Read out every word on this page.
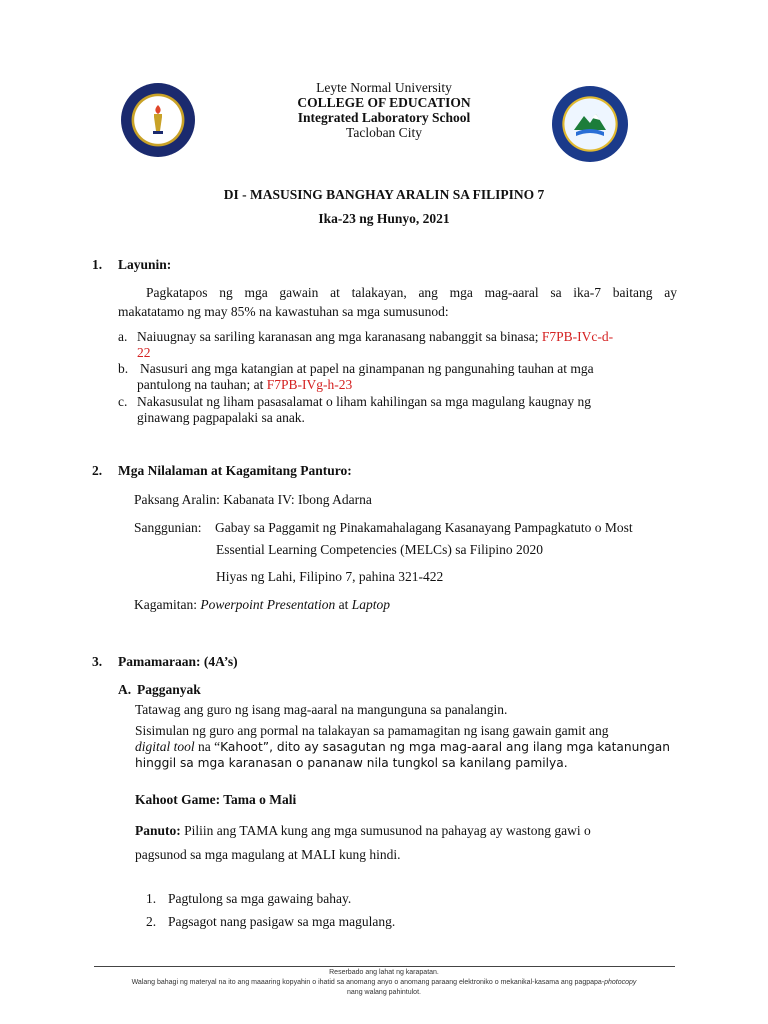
Leyte Normal University
COLLEGE OF EDUCATION
Integrated Laboratory School
Tacloban City
DI - MASUSING BANGHAY ARALIN SA FILIPINO 7
Ika-23 ng Hunyo, 2021
1. Layunin:
Pagkatapos ng mga gawain at talakayan, ang mga mag-aaral sa ika-7 baitang ay
makatatamo ng may 85% na kawastuhan sa mga sumusunod:
a. Naiuugnay sa sariling karanasan ang mga karanasang nabanggit sa binasa; F7PB-IVc-d-
22
b. Nasusuri ang mga katangian at papel na ginampanan ng pangunahing tauhan at mga
pantulong na tauhan; at F7PB-IVg-h-23
c. Nakasusulat ng liham pasasalamat o liham kahilingan sa mga magulang kaugnay ng
ginawang pagpapalaki sa anak.
2. Mga Nilalaman at Kagamitang Panturo:
Paksang Aralin: Kabanata IV: Ibong Adarna
Sanggunian: Gabay sa Paggamit ng Pinakamahalagang Kasanayang Pampagkatuto o Most
Essential Learning Competencies (MELCs) sa Filipino 2020
Hiyas ng Lahi, Filipino 7, pahina 321-422
Kagamitan: Powerpoint Presentation at Laptop
3. Pamamaraan: (4A’s)
A. Pagganyak
Tatawag ang guro ng isang mag-aaral na mangunguna sa panalangin.
Sisimulan ng guro ang pormal na talakayan sa pamamagitan ng isang gawain gamit ang
digital tool na “Kahoot”, dito ay sasagutan ng mga mag-aaral ang ilang mga katanungan
hinggil sa mga karanasan o pananaw nila tungkol sa kanilang pamilya.
Kahoot Game: Tama o Mali
Panuto: Piliin ang TAMA kung ang mga sumusunod na pahayag ay wastong gawi o
pagsunod sa mga magulang at MALI kung hindi.
1. Pagtulong sa mga gawaing bahay.
2. Pagsagot nang pasigaw sa mga magulang.
Reserbado ang lahat ng karapatan.
Walang bahagi ng materyal na ito ang maaaring kopyahin o ihatid sa anomang anyo o anomang paraang elektroniko o mekanikal-kasama ang pagpapa-photocopy
nang walang pahintulot.
